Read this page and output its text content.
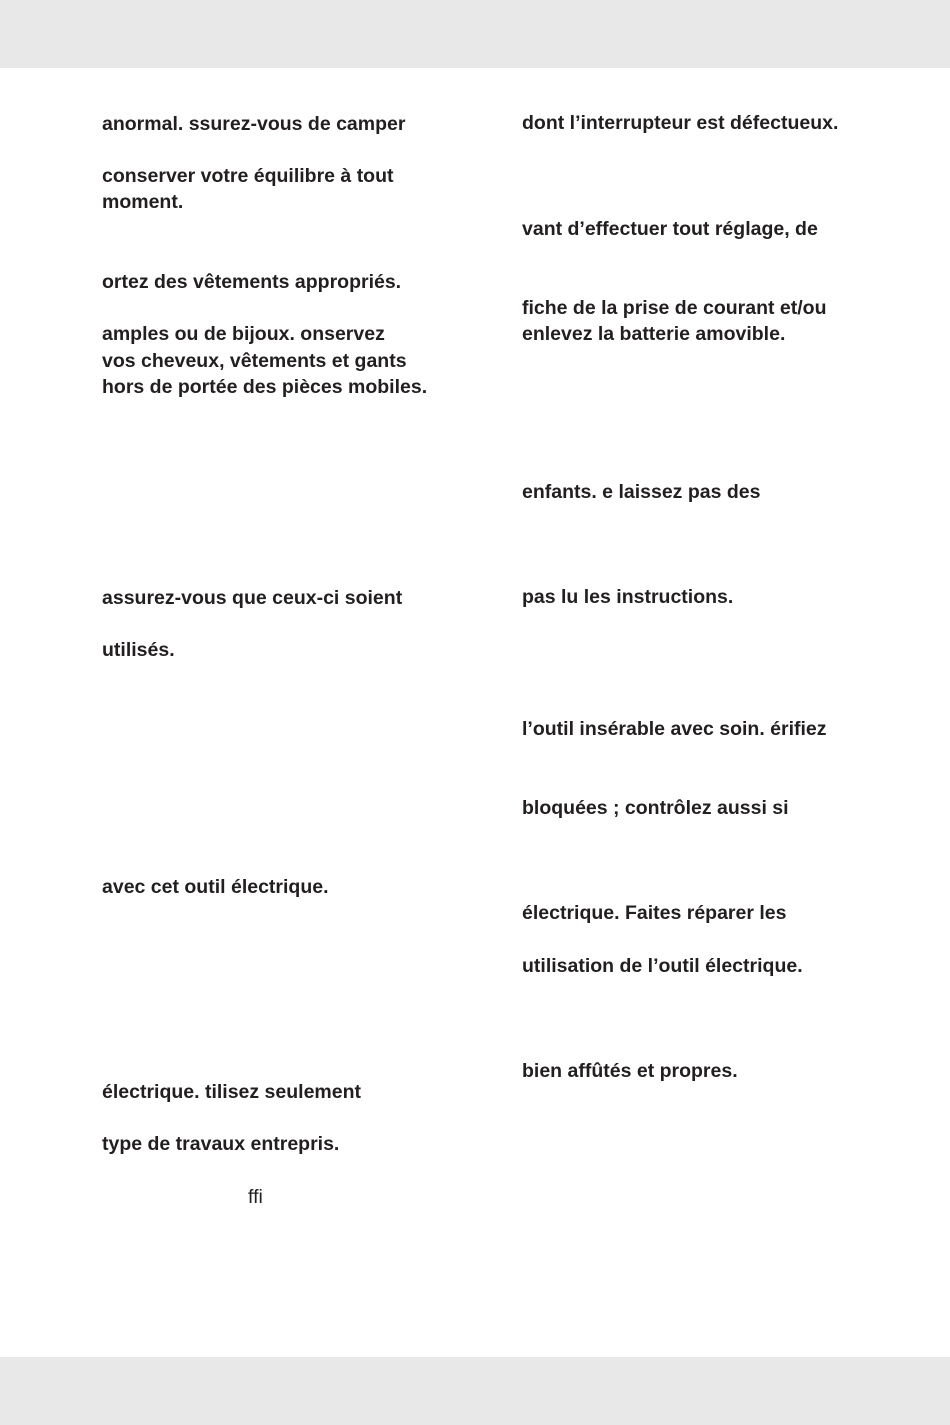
anormal. ssurez-vous de camper
conserver votre équilibre à tout
moment.
ortez des vêtements appropriés.
amples ou de bijoux. onservez
vos cheveux, vêtements et gants
hors de portée des pièces mobiles.
assurez-vous que ceux-ci soient
utilisés.
avec cet outil électrique.
électrique. tilisez seulement
type de travaux entrepris.
ffi
dont l’interrupteur est défectueux.
vant d’effectuer tout réglage, de
fiche de la prise de courant et/ou
enlevez la batterie amovible.
enfants. e laissez pas des
pas lu les instructions.
l’outil insérable avec soin. érifiez
bloquées ; contrôlez aussi si
électrique. Faites réparer les
utilisation de l’outil électrique.
bien affûtés et propres.
